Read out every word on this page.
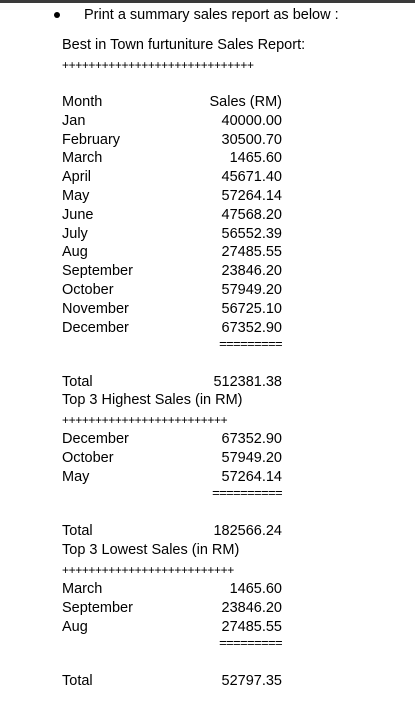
Print a summary sales report as below :
Best in Town furtuniture Sales Report:
+++++++++++++++++++++++++++++
Month	Sales (RM)
Jan	40000.00
February	30500.70
March	1465.60
April	45671.40
May	57264.14
June	47568.20
July	56552.39
Aug	27485.55
September	23846.20
October	57949.20
November	56725.10
December	67352.90
=========
Total	512381.38
Top 3 Highest Sales (in RM)
+++++++++++++++++++++++++
December	67352.90
October	57949.20
May	57264.14
==========
Total	182566.24
Top 3 Lowest Sales (in RM)
++++++++++++++++++++++++++
March	1465.60
September	23846.20
Aug	27485.55
=========
Total	52797.35
